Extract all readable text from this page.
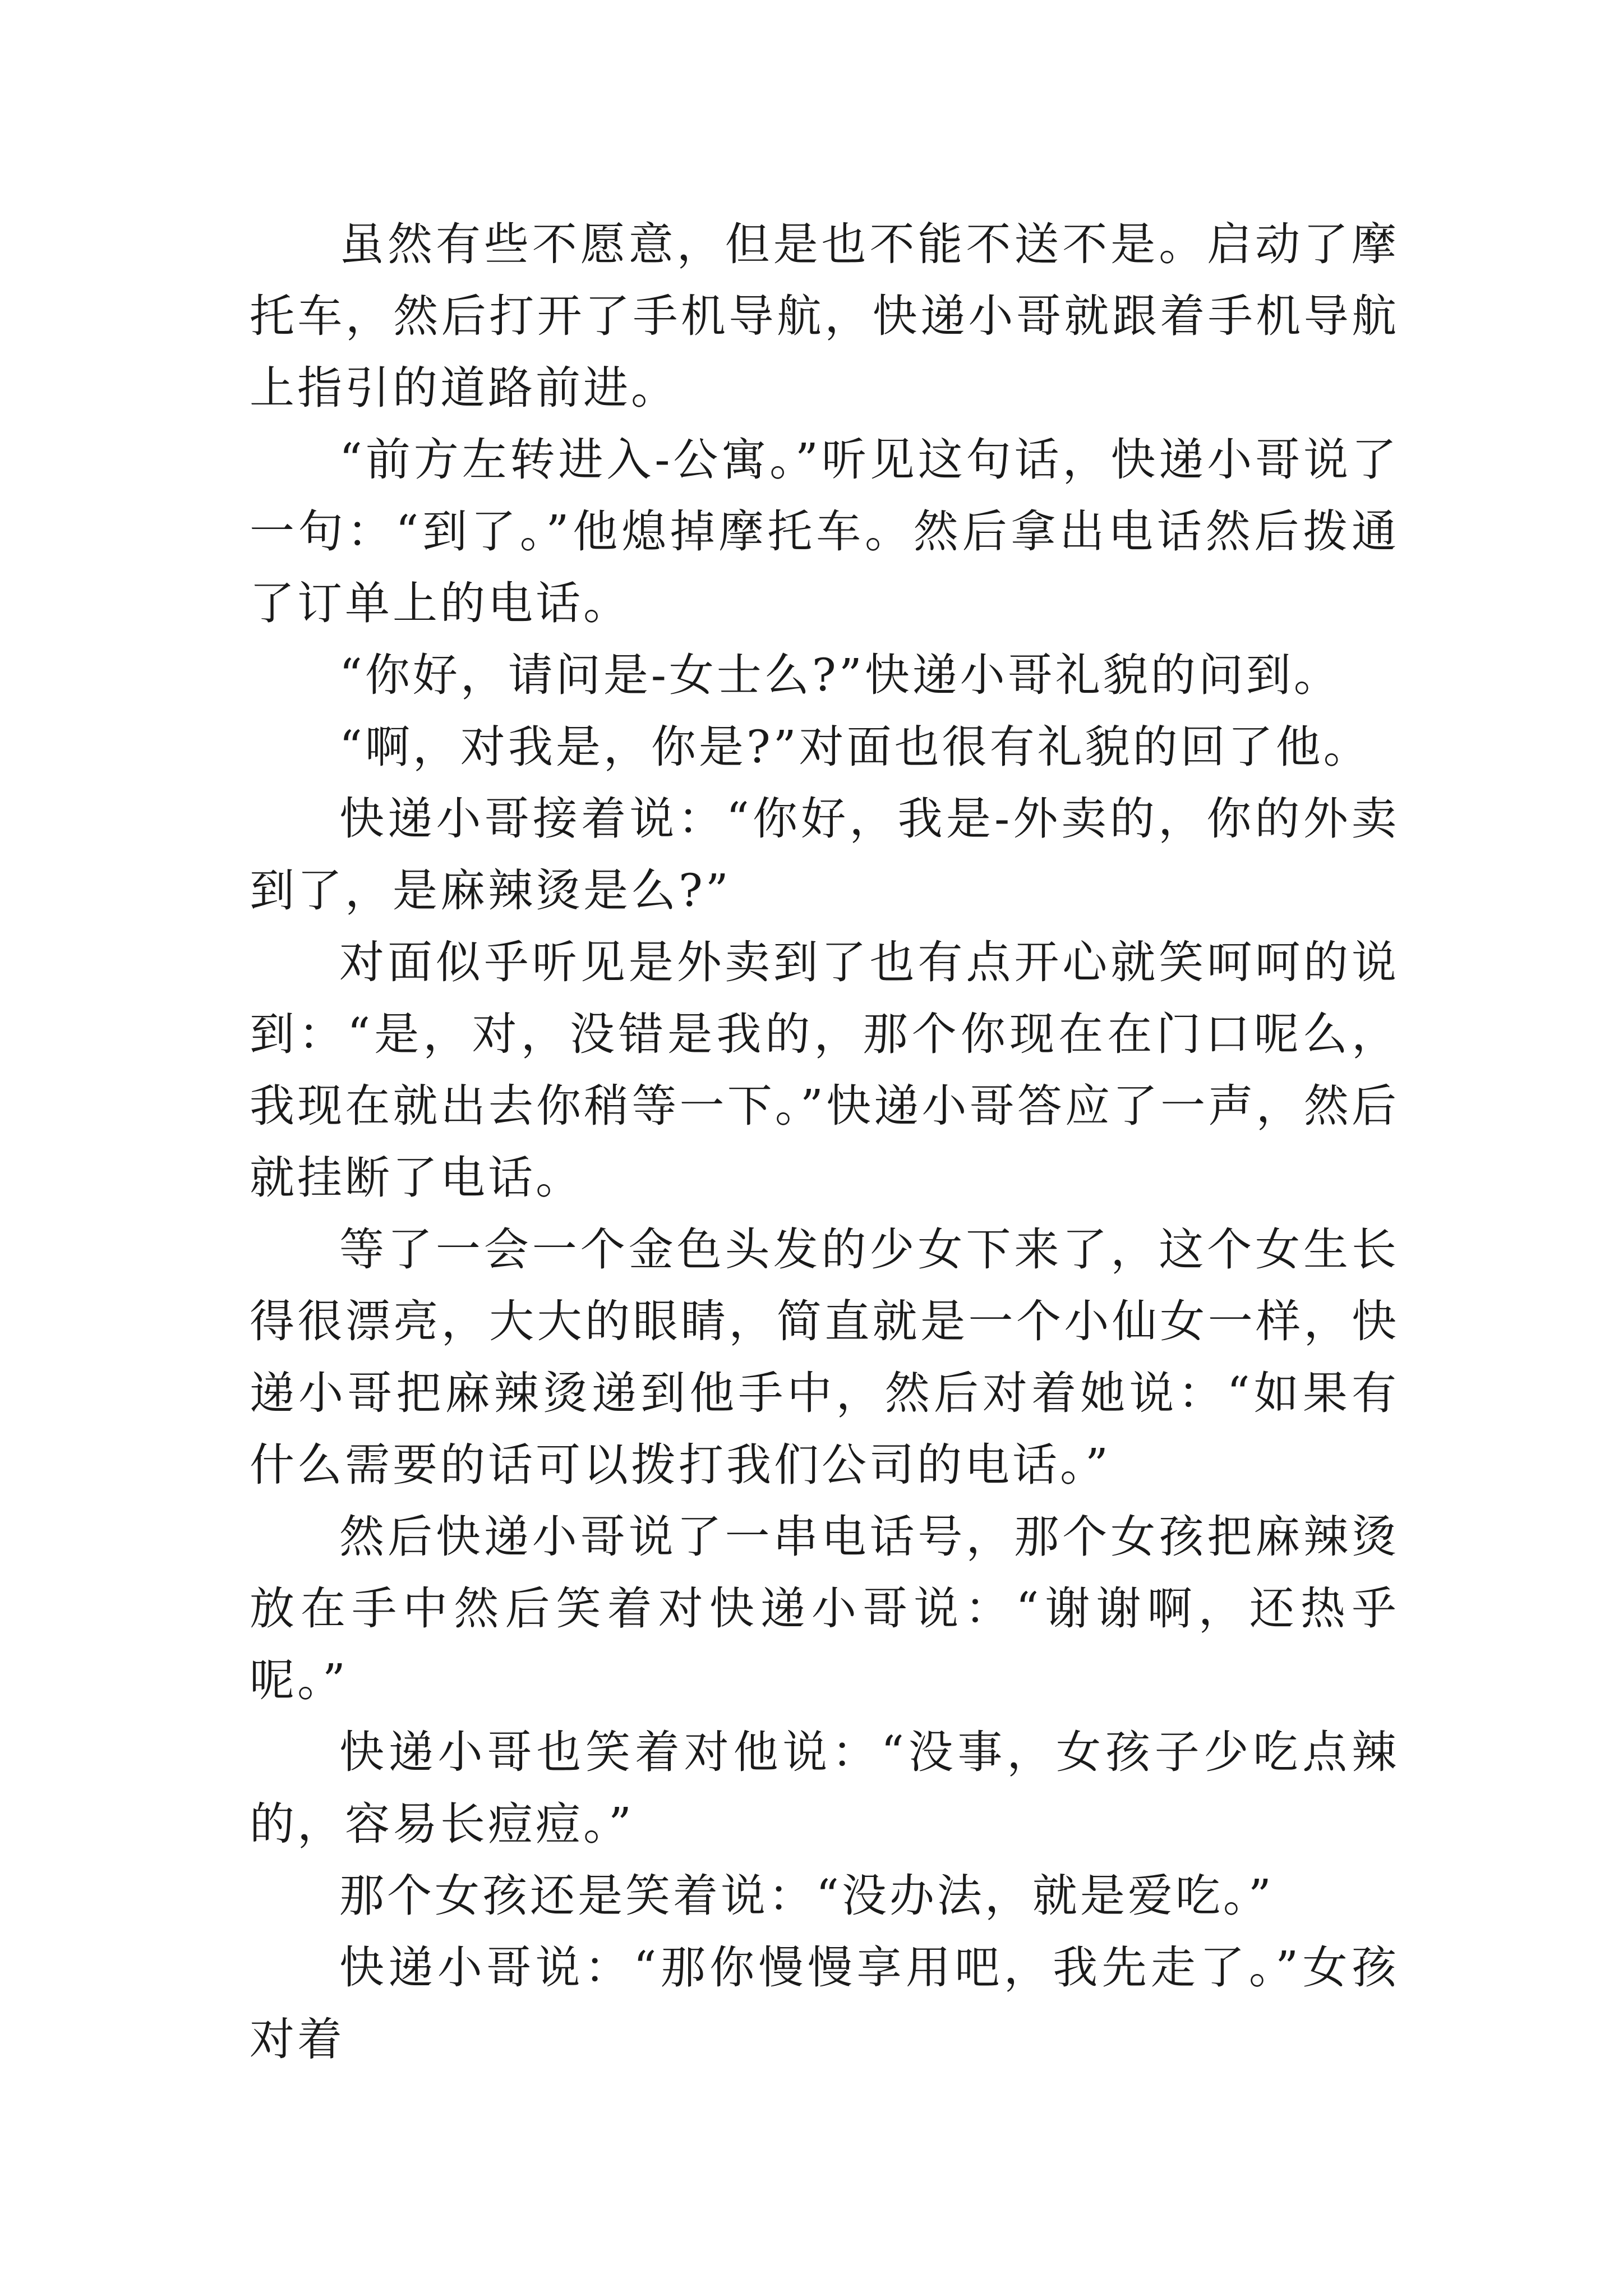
虽然有些不愿意，但是也不能不送不是。启动了摩托车，然后打开了手机导航，快递小哥就跟着手机导航上指引的道路前进。

“前方左转进入-公寓。”听见这句话，快递小哥说了一句：“到了。”他熄掉摩托车。然后拿出电话然后拨通了订单上的电话。

“你好，请问是-女士么?”快递小哥礼貌的问到。

“啊，对我是，你是?”对面也很有礼貌的回了他。

快递小哥接着说：“你好，我是-外卖的，你的外卖到了，是麻辣烫是么?”

对面似乎听见是外卖到了也有点开心就笑呵呵的说到：“是，对，没错是我的，那个你现在在门口呢么，我现在就出去你稍等一下。”快递小哥答应了一声，然后就挂断了电话。

等了一会一个金色头发的少女下来了，这个女生长得很漂亮，大大的眼睛，简直就是一个小仙女一样，快递小哥把麻辣烫递到他手中，然后对着她说：“如果有什么需要的话可以拨打我们公司的电话。”

然后快递小哥说了一串电话号，那个女孩把麻辣烫放在手中然后笑着对快递小哥说：“谢谢啊，还热乎呢。”

快递小哥也笑着对他说：“没事，女孩子少吃点辣的，容易长痘痘。”

那个女孩还是笑着说：“没办法，就是爱吃。”

快递小哥说：“那你慢慢享用吧，我先走了。”女孩对着
